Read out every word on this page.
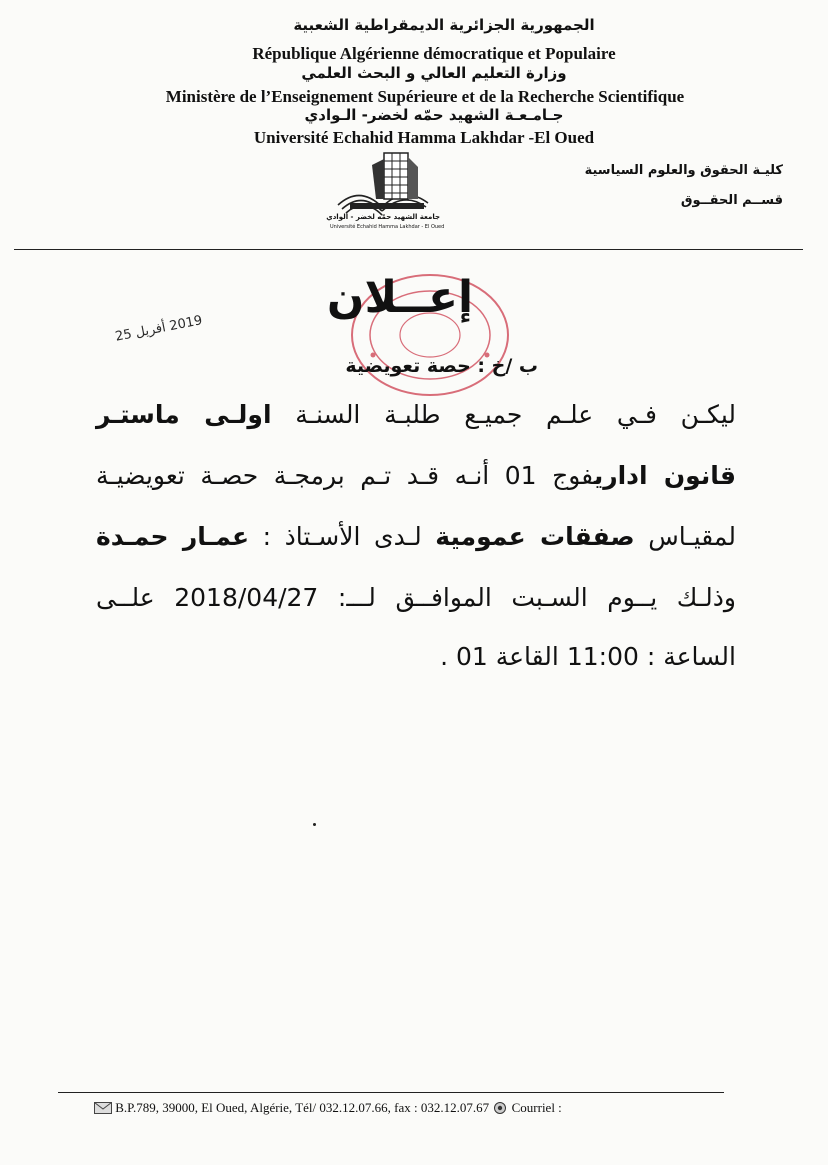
الجمهورية الجزائرية الديمقراطية الشعبية
République Algérienne démocratique et Populaire
وزارة التعليم العالي و البحث العلمي
Ministère de l’Enseignement Supérieure et de la Recherche Scientifique
جـامـعـة الشهيد حمّه لخضر- الـوادي
Université Echahid Hamma Lakhdar -El Oued
جامعة الشهيد حمّه لخضر - الوادي
Université Echahid Hamma Lakhdar - El Oued
كليـة الحقوق والعلوم السياسية
قســم الحقــوق
إعــلان
2019 أفريل 25
ب /خ : حصة تعويضية
ليكـن فـي علـم جميـع طلبـة السنـة اولـى ماستـر
قانون اداريفوج 01 أنـه قـد تـم برمجـة حصـة تعويضيـة
لمقيـاس صفقات عمومية لـدى الأسـتاذ : عمـار حمـدة
وذلـك يــوم السـبت الموافــق لـــ: 2018/04/27 علــى
الساعة : 11:00 القاعة 01 .
B.P.789, 39000, El Oued, Algérie, Tél/ 032.12.07.66, fax : 032.12.07.67 Courriel :
